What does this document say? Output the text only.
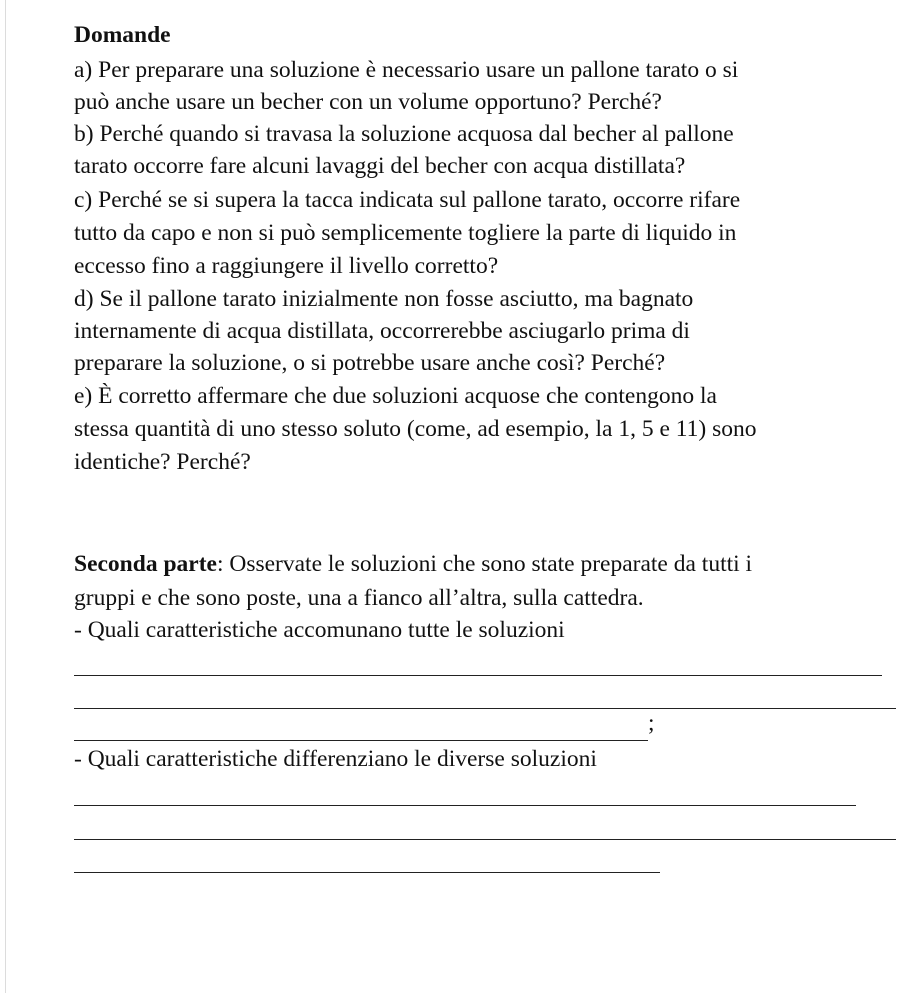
Domande
a) Per preparare una soluzione è necessario usare un pallone tarato o si
può anche usare un becher con un volume opportuno? Perché?
b) Perché quando si travasa la soluzione acquosa dal becher al pallone
tarato occorre fare alcuni lavaggi del becher con acqua distillata?
c) Perché se si supera la tacca indicata sul pallone tarato, occorre rifare
tutto da capo e non si può semplicemente togliere la parte di liquido in
eccesso fino a raggiungere il livello corretto?
d) Se il pallone tarato inizialmente non fosse asciutto, ma bagnato
internamente di acqua distillata, occorrerebbe asciugarlo prima di
preparare la soluzione, o si potrebbe usare anche così? Perché?
e) È corretto affermare che due soluzioni acquose che contengono la
stessa quantità di uno stesso soluto (come, ad esempio, la 1, 5 e 11) sono
identiche? Perché?
Seconda parte: Osservate le soluzioni che sono state preparate da tutti i
gruppi e che sono poste, una a fianco all’altra, sulla cattedra.
- Quali caratteristiche accomunano tutte le soluzioni
;
- Quali caratteristiche differenziano le diverse soluzioni
